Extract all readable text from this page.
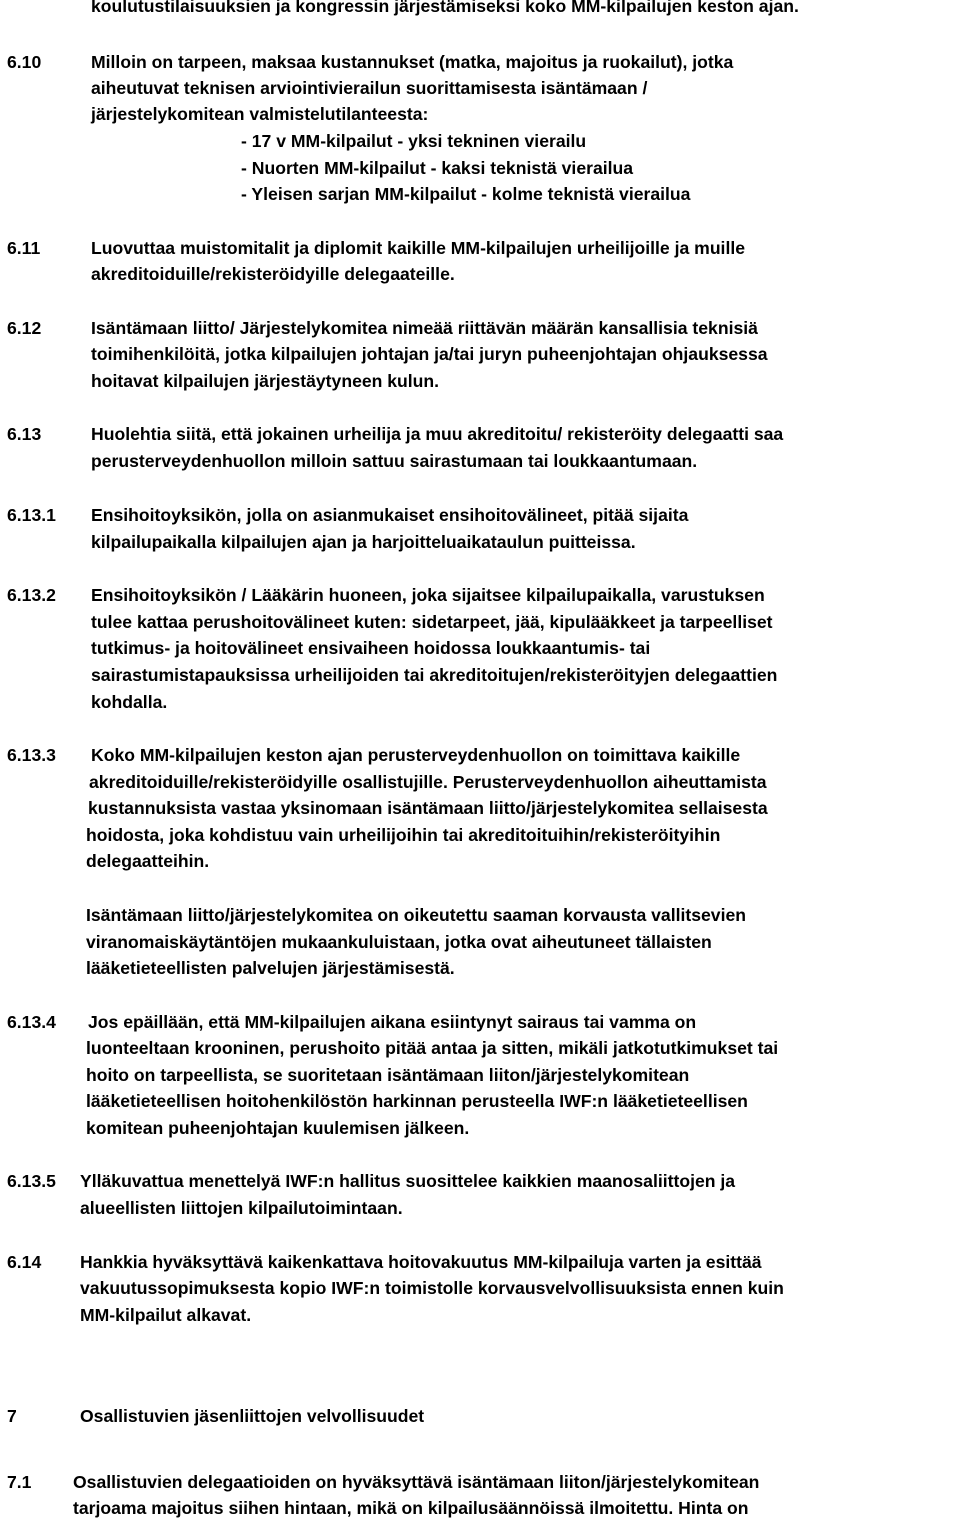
koulutustilaisuuksien ja kongressin järjestämiseksi koko MM-kilpailujen keston ajan.
6.10	Milloin on tarpeen, maksaa kustannukset (matka, majoitus ja ruokailut), jotka
aiheutuvat teknisen arviointivierailun suorittamisesta isäntämaan /
järjestelykomitean valmistelutilanteesta:
- 17 v MM-kilpailut - yksi tekninen vierailu
- Nuorten MM-kilpailut - kaksi teknistä vierailua
- Yleisen sarjan MM-kilpailut - kolme teknistä vierailua
6.11	Luovuttaa muistomitalit ja diplomit kaikille MM-kilpailujen urheilijoille ja muille
akreditoiduille/rekisteröidyille delegaateille.
6.12	Isäntämaan liitto/ Järjestelykomitea nimeää riittävän määrän kansallisia teknisiä
toimihenkilöitä, jotka kilpailujen johtajan ja/tai juryn puheenjohtajan ohjauksessa
hoitavat kilpailujen järjestäytyneen kulun.
6.13	Huolehtia siitä, että jokainen urheilija ja muu akreditoitu/ rekisteröity delegaatti saa
perusterveydenhuollon milloin sattuu sairastumaan tai loukkaantumaan.
6.13.1 Ensihoitoyksikön, jolla on asianmukaiset ensihoitovälineet, pitää sijaita
kilpailupaikalla kilpailujen ajan ja harjoitteluaikataulun puitteissa.
6.13.2 Ensihoitoyksikön / Lääkärin huoneen, joka sijaitsee kilpailupaikalla, varustuksen
tulee kattaa perushoitovälineet kuten: sidetarpeet, jää, kipulääkkeet ja tarpeelliset
tutkimus- ja hoitovälineet ensivaiheen hoidossa loukkaantumis- tai
sairastumistapauksissa urheilijoiden tai akreditoitujen/rekisteröityjen delegaattien
kohdalla.
6.13.3 Koko MM-kilpailujen keston ajan perusterveydenhuollon on toimittava kaikille
akreditoiduille/rekisteröidyille osallistujille. Perusterveydenhuollon aiheuttamista
kustannuksista vastaa yksinomaan isäntämaan liitto/järjestelykomitea sellaisesta
hoidosta, joka kohdistuu vain urheilijoihin tai akreditoituihin/rekisteröityihin
delegaatteihin.
Isäntämaan liitto/järjestelykomitea on oikeutettu saaman korvausta vallitsevien
viranomaiskäytäntöjen mukaankuluistaan, jotka ovat aiheutuneet tällaisten
lääketieteellisten palvelujen järjestämisestä.
6.13.4 Jos epäillään, että MM-kilpailujen aikana esiintynyt sairaus tai vamma on
luonteeltaan krooninen, perushoito pitää antaa ja sitten, mikäli jatkotutkimukset tai
hoito on tarpeellista, se suoritetaan isäntämaan liiton/järjestelykomitean
lääketieteellisen hoitohenkilöstön harkinnan perusteella IWF:n lääketieteellisen
komitean puheenjohtajan kuulemisen jälkeen.
6.13.5 Ylläkuvattua menettelyä IWF:n hallitus suosittelee kaikkien maanosaliittojen ja
alueellisten liittojen kilpailutoimintaan.
6.14 Hankkia hyväksyttävä kaikenkattava hoitovakuutus MM-kilpailuja varten ja esittää
vakuutussopimuksesta kopio IWF:n toimistolle korvausvelvollisuuksista ennen kuin
MM-kilpailut alkavat.
7	Osallistuvien jäsenliittojen velvollisuudet
7.1 Osallistuvien delegaatioiden on hyväksyttävä isäntämaan liiton/järjestelykomitean
tarjoama majoitus siihen hintaan, mikä on kilpailusäännöissä ilmoitettu. Hinta on
